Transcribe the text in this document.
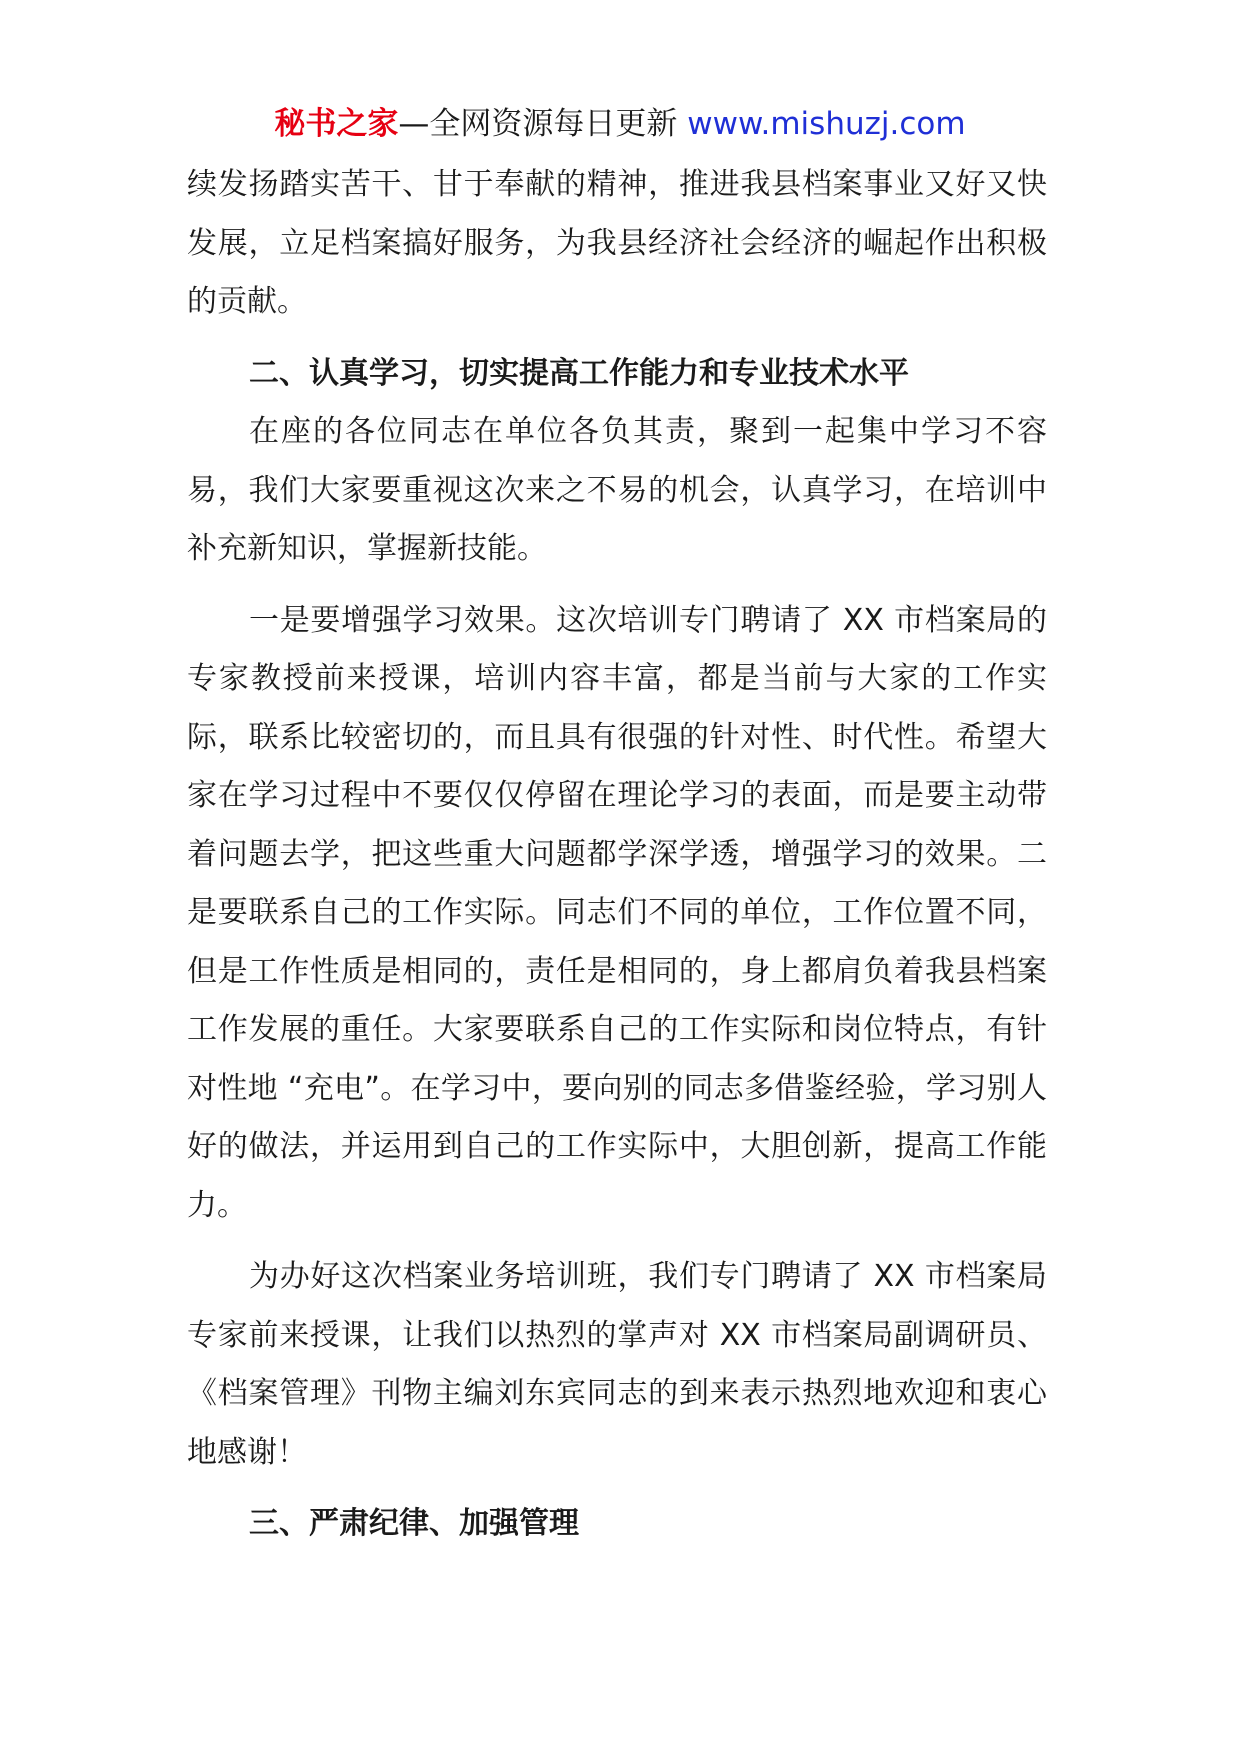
秘书之家—全网资源每日更新 www.mishuzj.com

续发扬踏实苦干、甘于奉献的精神，推进我县档案事业又好又快发展，立足档案搞好服务，为我县经济社会经济的崛起作出积极的贡献。

二、认真学习，切实提高工作能力和专业技术水平

在座的各位同志在单位各负其责，聚到一起集中学习不容易，我们大家要重视这次来之不易的机会，认真学习，在培训中补充新知识，掌握新技能。

一是要增强学习效果。这次培训专门聘请了 XX 市档案局的专家教授前来授课，培训内容丰富，都是当前与大家的工作实际，联系比较密切的，而且具有很强的针对性、时代性。希望大家在学习过程中不要仅仅停留在理论学习的表面，而是要主动带着问题去学，把这些重大问题都学深学透，增强学习的效果。二是要联系自己的工作实际。同志们不同的单位，工作位置不同，但是工作性质是相同的，责任是相同的，身上都肩负着我县档案工作发展的重任。大家要联系自己的工作实际和岗位特点，有针对性地 “充电”。在学习中，要向别的同志多借鉴经验，学习别人好的做法，并运用到自己的工作实际中，大胆创新，提高工作能力。

为办好这次档案业务培训班，我们专门聘请了 XX 市档案局专家前来授课，让我们以热烈的掌声对 XX 市档案局副调研员、《档案管理》刊物主编刘东宾同志的到来表示热烈地欢迎和衷心地感谢！

三、严肃纪律、加强管理
